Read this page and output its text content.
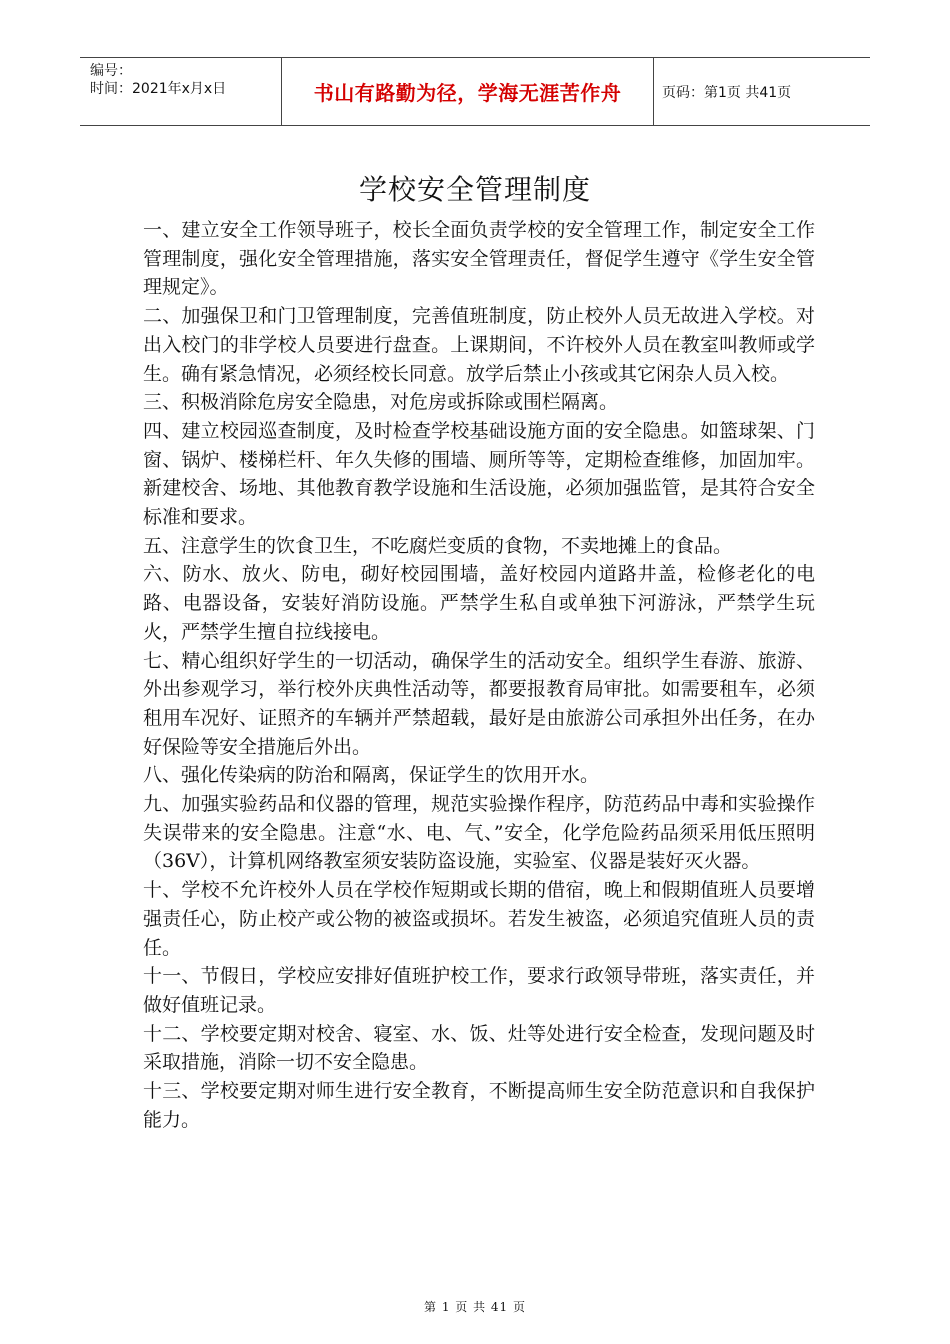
编号：
时间：2021年x月x日	书山有路勤为径，学海无涯苦作舟	页码：第1页 共41页
学校安全管理制度

一、建立安全工作领导班子，校长全面负责学校的安全管理工作，制定安全工作管理制度，强化安全管理措施，落实安全管理责任，督促学生遵守《学生安全管理规定》。

二、加强保卫和门卫管理制度，完善值班制度，防止校外人员无故进入学校。对出入校门的非学校人员要进行盘查。上课期间，不许校外人员在教室叫教师或学生。确有紧急情况，必须经校长同意。放学后禁止小孩或其它闲杂人员入校。

三、积极消除危房安全隐患，对危房或拆除或围栏隔离。

四、建立校园巡查制度，及时检查学校基础设施方面的安全隐患。如篮球架、门窗、锅炉、楼梯栏杆、年久失修的围墙、厕所等等，定期检查维修，加固加牢。新建校舍、场地、其他教育教学设施和生活设施，必须加强监管，是其符合安全标准和要求。

五、注意学生的饮食卫生，不吃腐烂变质的食物，不卖地摊上的食品。

六、防水、放火、防电，砌好校园围墙，盖好校园内道路井盖，检修老化的电路、电器设备，安装好消防设施。严禁学生私自或单独下河游泳，严禁学生玩火，严禁学生擅自拉线接电。

七、精心组织好学生的一切活动，确保学生的活动安全。组织学生春游、旅游、外出参观学习，举行校外庆典性活动等，都要报教育局审批。如需要租车，必须租用车况好、证照齐的车辆并严禁超载，最好是由旅游公司承担外出任务，在办好保险等安全措施后外出。

八、强化传染病的防治和隔离，保证学生的饮用开水。

九、加强实验药品和仪器的管理，规范实验操作程序，防范药品中毒和实验操作失误带来的安全隐患。注意“水、电、气、”安全，化学危险药品须采用低压照明（36V），计算机网络教室须安装防盗设施，实验室、仪器是装好灭火器。

十、学校不允许校外人员在学校作短期或长期的借宿，晚上和假期值班人员要增强责任心，防止校产或公物的被盗或损坏。若发生被盗，必须追究值班人员的责任。

十一、节假日，学校应安排好值班护校工作，要求行政领导带班，落实责任，并做好值班记录。

十二、学校要定期对校舍、寝室、水、饭、灶等处进行安全检查，发现问题及时采取措施，消除一切不安全隐患。

十三、学校要定期对师生进行安全教育，不断提高师生安全防范意识和自我保护能力。

第 1 页 共 41 页
